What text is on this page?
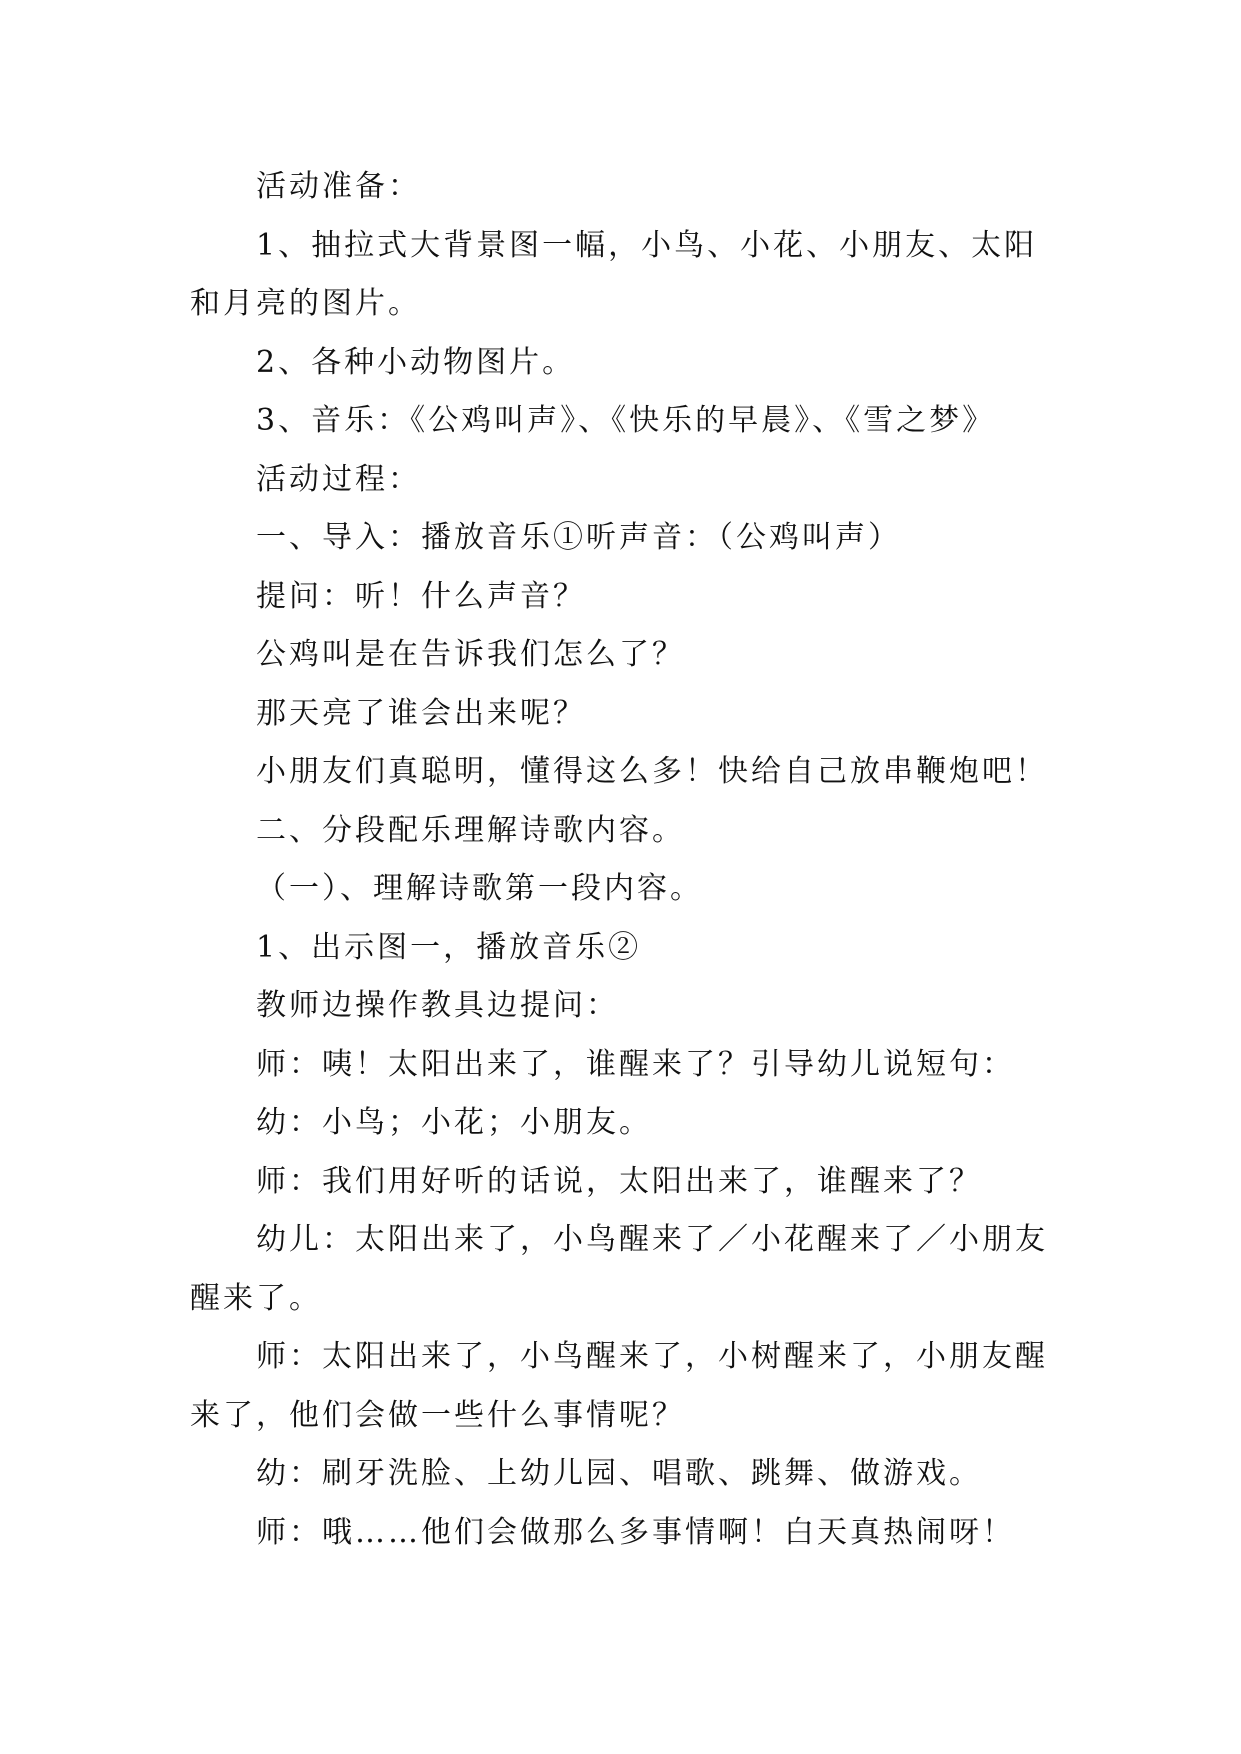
活动准备：

1、抽拉式大背景图一幅，小鸟、小花、小朋友、太阳和月亮的图片。

2、各种小动物图片。

3、音乐：《公鸡叫声》、《快乐的早晨》、《雪之梦》

活动过程：

一、导入：播放音乐①听声音：（公鸡叫声）

提问：听！什么声音？

公鸡叫是在告诉我们怎么了？

那天亮了谁会出来呢？

小朋友们真聪明，懂得这么多！快给自己放串鞭炮吧！

二、分段配乐理解诗歌内容。

（一）、理解诗歌第一段内容。

1、出示图一，播放音乐②

教师边操作教具边提问：

师：咦！太阳出来了，谁醒来了？引导幼儿说短句：

幼：小鸟；小花；小朋友。

师：我们用好听的话说，太阳出来了，谁醒来了？

幼儿：太阳出来了，小鸟醒来了／小花醒来了／小朋友醒来了。

师：太阳出来了，小鸟醒来了，小树醒来了，小朋友醒来了，他们会做一些什么事情呢？

幼：刷牙洗脸、上幼儿园、唱歌、跳舞、做游戏。

师：哦……他们会做那么多事情啊！白天真热闹呀！
